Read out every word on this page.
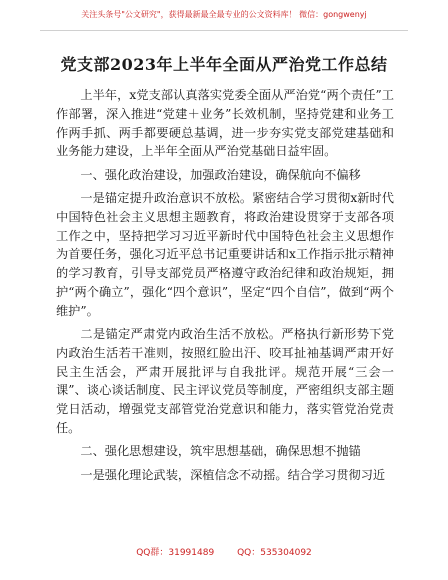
关注头条号"公文研究"，获得最新最全最专业的公文资料库！ 微信：gongwenyj
党支部2023年上半年全面从严治党工作总结

上半年，x党支部认真落实党委全面从严治党“两个责任”工作部署，深入推进“党建＋业务”长效机制，坚持党建和业务工作两手抓、两手都要硬总基调，进一步夯实党支部党建基础和业务能力建设，上半年全面从严治党基础日益牢固。

一、强化政治建设，加强政治建设，确保航向不偏移

一是锚定提升政治意识不放松。紧密结合学习贯彻x新时代中国特色社会主义思想主题教育，将政治建设贯穿于支部各项工作之中，坚持把学习习近平新时代中国特色社会主义思想作为首要任务，强化习近平总书记重要讲话和x工作指示批示精神的学习教育，引导支部党员严格遵守政治纪律和政治规矩，拥护“两个确立”，强化“四个意识”，坚定“四个自信”，做到“两个维护”。

二是锚定严肃党内政治生活不放松。严格执行新形势下党内政治生活若干准则，按照红脸出汗、咬耳扯袖基调严肃开好民主生活会，严肃开展批评与自我批评。规范开展“三会一课”、谈心谈话制度、民主评议党员等制度，严密组织支部主题党日活动，增强党支部管党治党意识和能力，落实管党治党责任。

二、强化思想建设，筑牢思想基础，确保思想不抛锚

一是强化理论武装，深植信念不动摇。结合学习贯彻习近

QQ群：31991489	QQ：535304092
